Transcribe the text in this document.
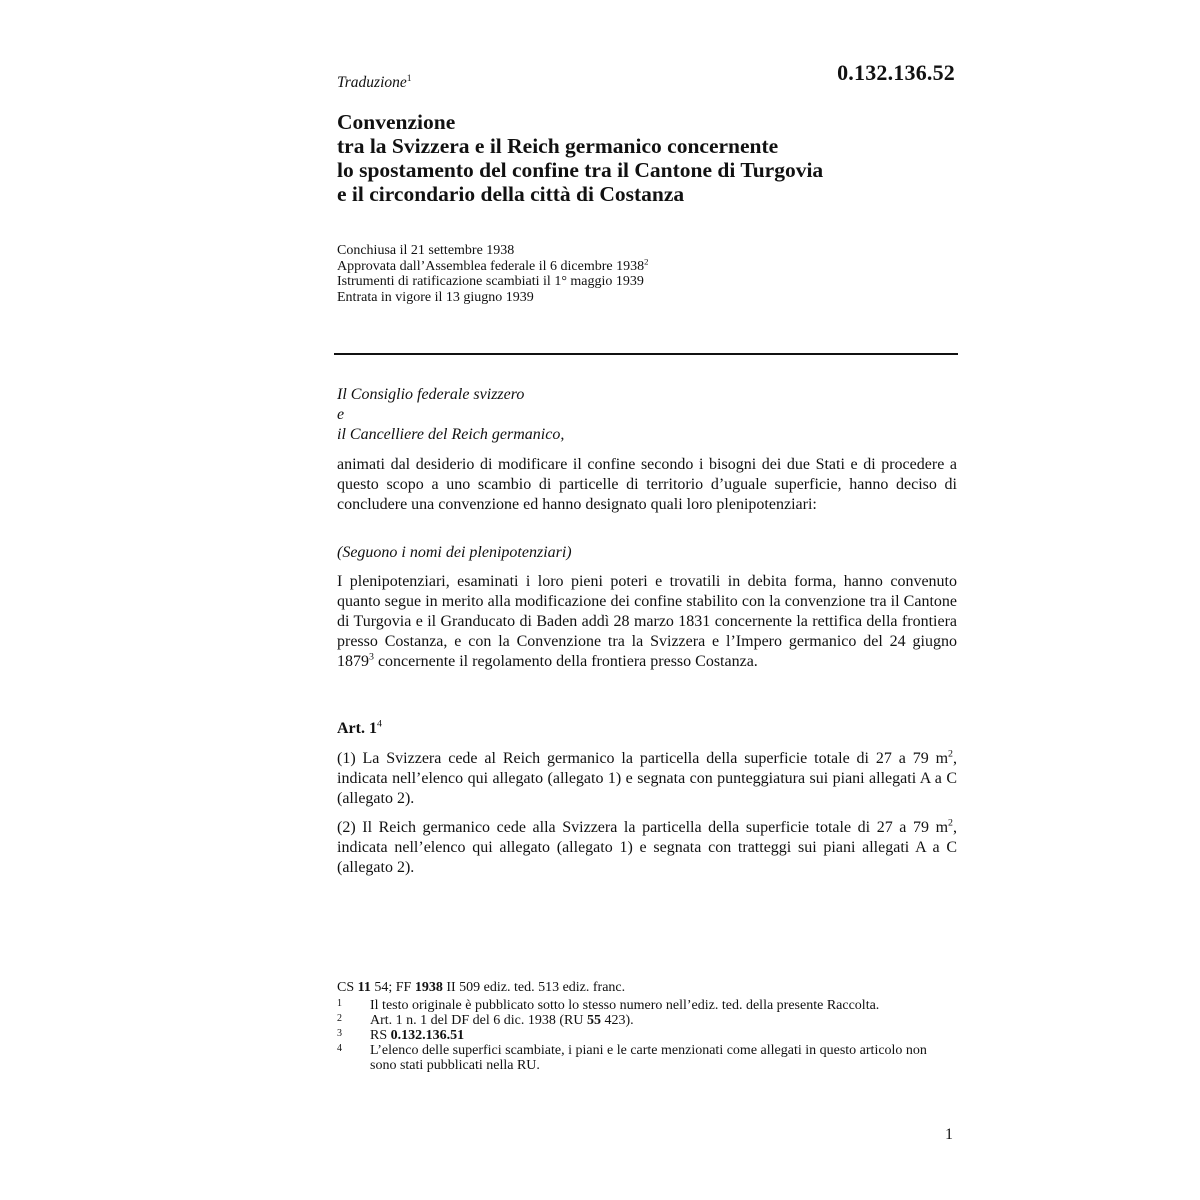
0.132.136.52
Traduzione$^1$
Convenzione
tra la Svizzera e il Reich germanico concernente
lo spostamento del confine tra il Cantone di Turgovia
e il circondario della città di Costanza
Conchiusa il 21 settembre 1938
Approvata dall’Assemblea federale il 6 dicembre 1938$^2$
Istrumenti di ratificazione scambiati il 1° maggio 1939
Entrata in vigore il 13 giugno 1939
Il Consiglio federale svizzero
e
il Cancelliere del Reich germanico,

animati dal desiderio di modificare il confine secondo i bisogni dei due Stati e di procedere a questo scopo a uno scambio di particelle di territorio d’uguale superficie, hanno deciso di concludere una convenzione ed hanno designato quali loro plenipotenziari:

(Seguono i nomi dei plenipotenziari)

I plenipotenziari, esaminati i loro pieni poteri e trovatili in debita forma, hanno convenuto quanto segue in merito alla modificazione dei confine stabilito con la convenzione tra il Cantone di Turgovia e il Granducato di Baden addì 28 marzo 1831 concernente la rettifica della frontiera presso Costanza, e con la Convenzione tra la Svizzera e l’Impero germanico del 24 giugno 1879$^3$ concernente il regolamento della frontiera presso Costanza.

Art. $1^4$

(1) La Svizzera cede al Reich germanico la particella della superficie totale di 27 a 79 $m^2$, indicata nell’elenco qui allegato (allegato 1) e segnata con punteggiatura sui piani allegati A a C (allegato 2).

(2) Il Reich germanico cede alla Svizzera la particella della superficie totale di 27 a 79 $m^2$, indicata nell’elenco qui allegato (allegato 1) e segnata con tratteggi sui piani allegati A a C (allegato 2).

CS 11 54; FF 1938 II 509 ediz. ted. 513 ediz. franc.
1	Il testo originale è pubblicato sotto lo stesso numero nell’ediz. ted. della presente Raccolta.
2	Art. 1 n. 1 del DF del 6 dic. 1938 (RU 55 423).
3	RS 0.132.136.51
4	L’elenco delle superfici scambiate, i piani e le carte menzionati come allegati in questo articolo non sono stati pubblicati nella RU.
1
